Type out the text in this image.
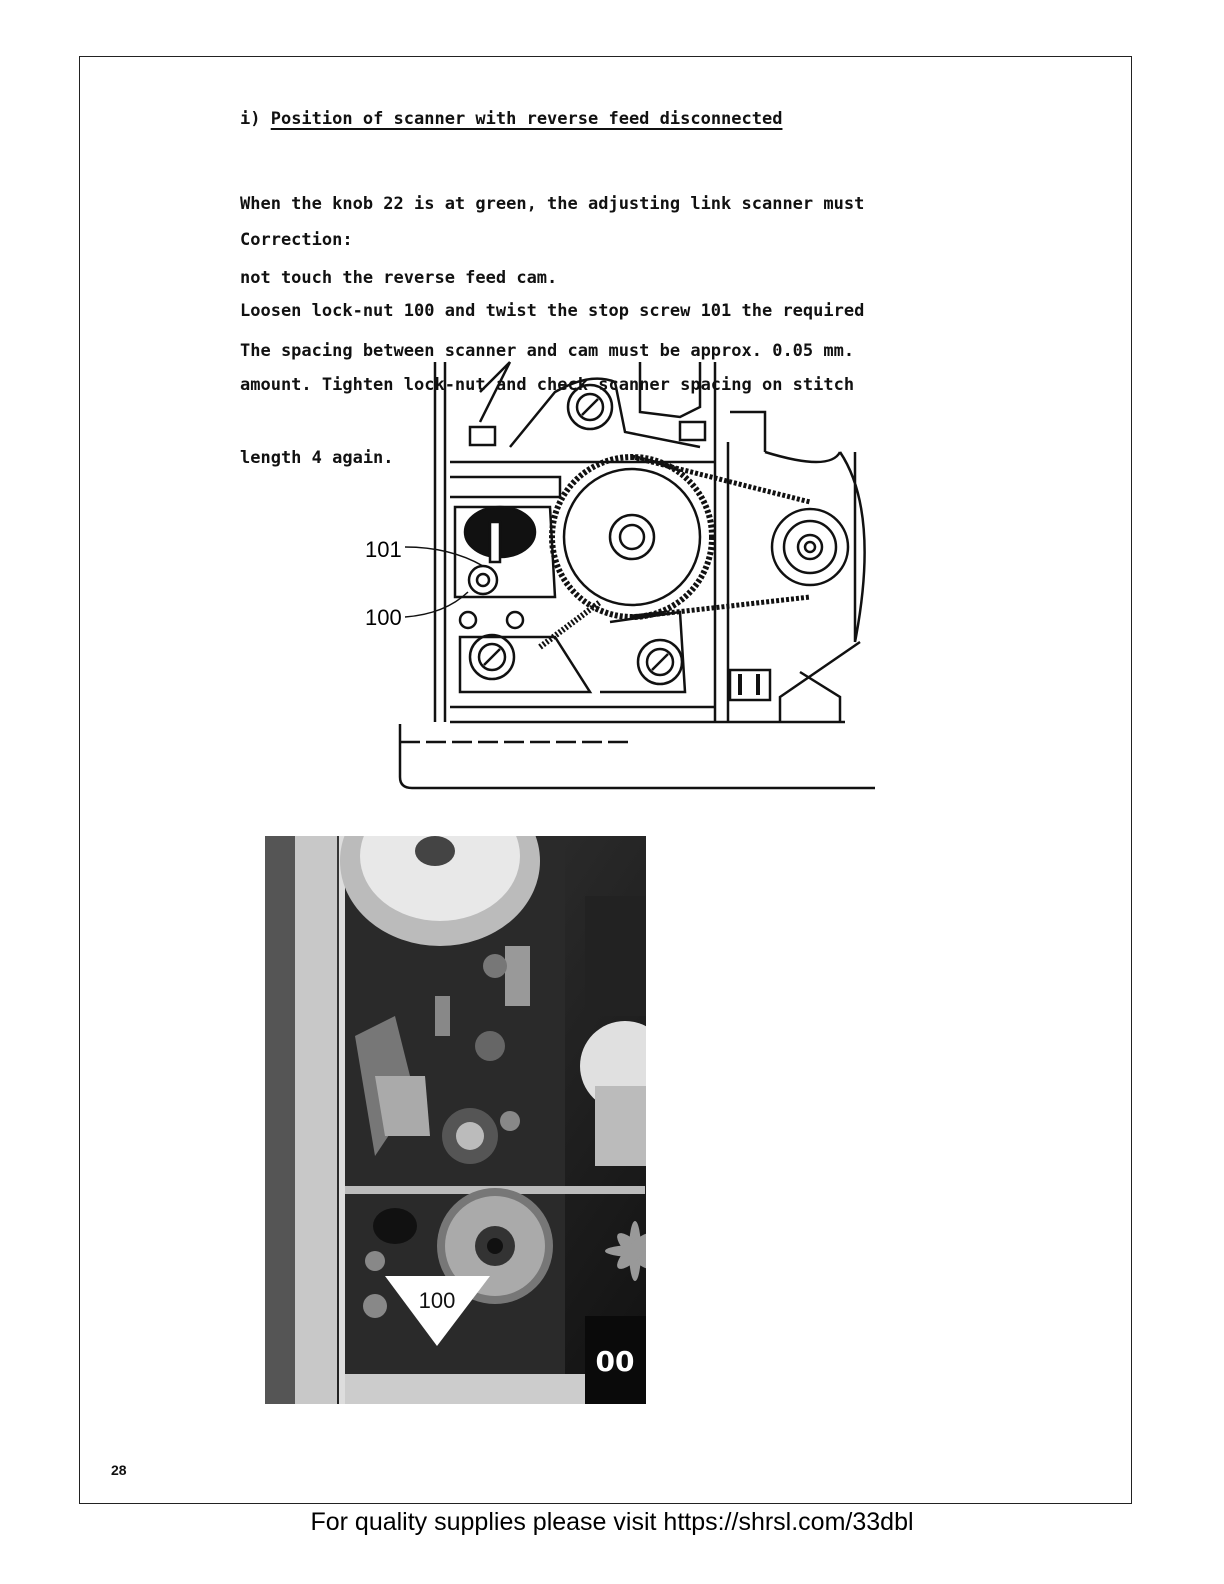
i) Position of scanner with reverse feed disconnected

When the knob 22 is at green, the adjusting link scanner must

not touch the reverse feed cam.

The spacing between scanner and cam must be approx. 0.05 mm.

Correction:

Loosen lock-nut 100 and twist the stop screw 101 the required

amount. Tighten lock-nut and check scanner spacing on stitch

length 4 again.

101
100
100
00
28
For quality supplies please visit https://shrsl.com/33dbl
